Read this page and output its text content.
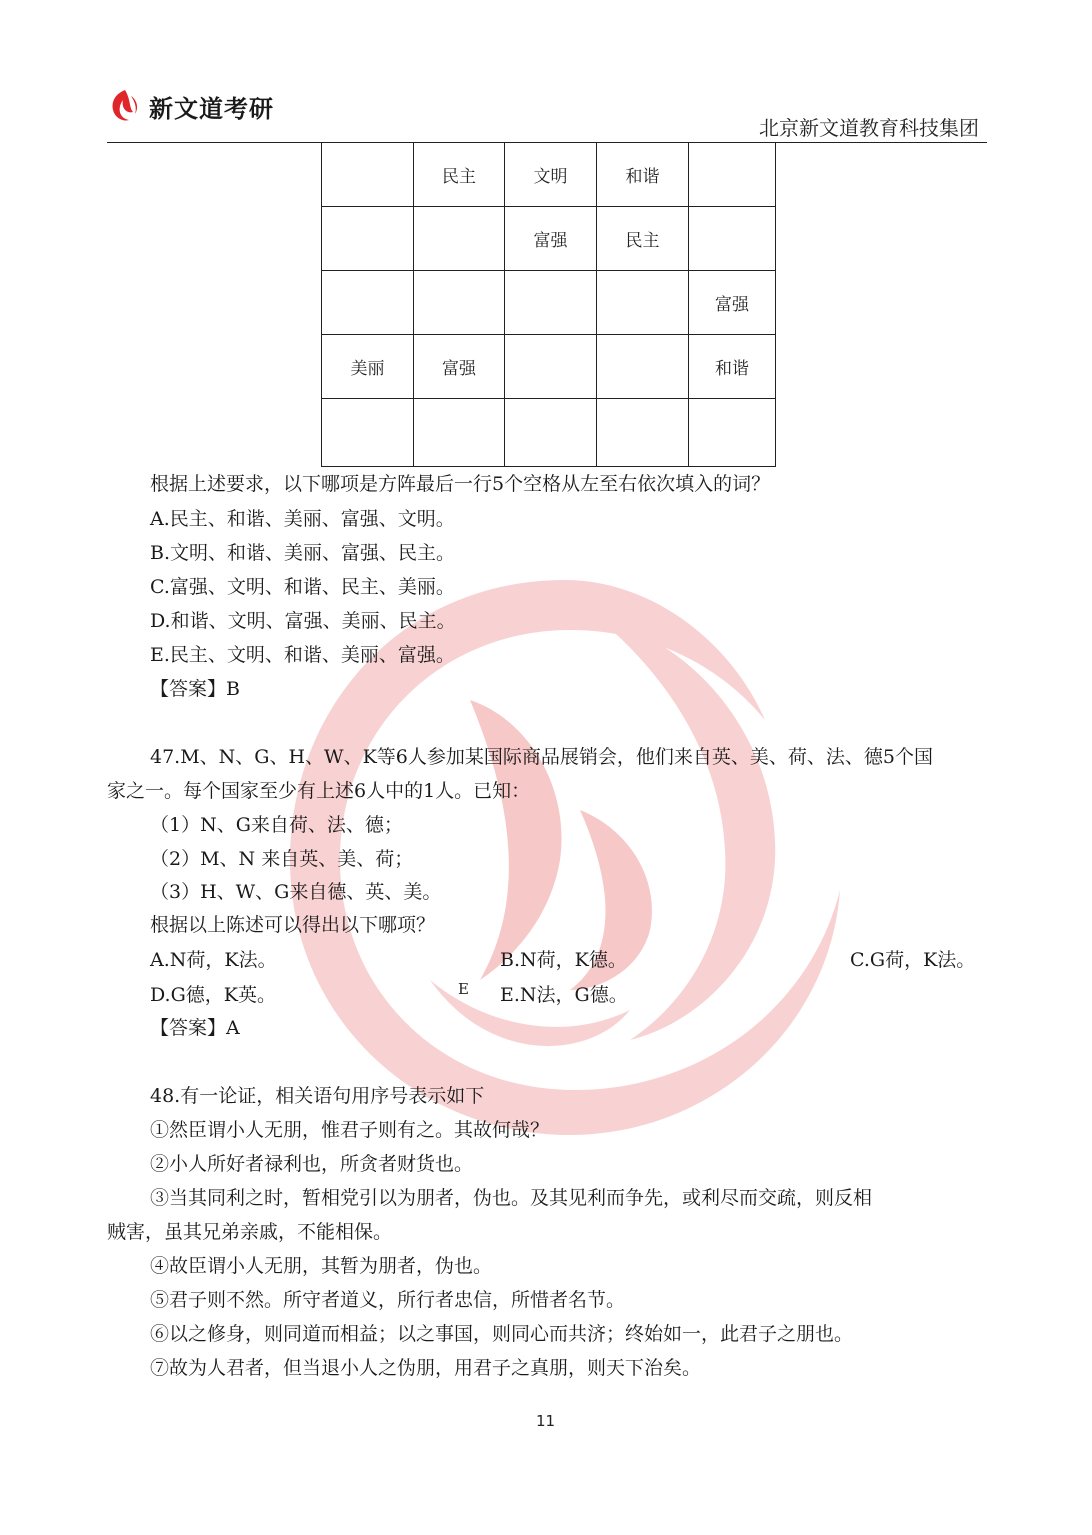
新文道考研
北京新文道教育科技集团
	民主	文明	和谐	
		富强	民主	
				富强
美丽	富强			和谐

根据上述要求，以下哪项是方阵最后一行5个空格从左至右依次填入的词？
A.民主、和谐、美丽、富强、文明。
B.文明、和谐、美丽、富强、民主。
C.富强、文明、和谐、民主、美丽。
D.和谐、文明、富强、美丽、民主。
E.民主、文明、和谐、美丽、富强。
【答案】B
47.M、N、G、H、W、K等6人参加某国际商品展销会，他们来自英、美、荷、法、德5个国
家之一。每个国家至少有上述6人中的1人。已知：
（1）N、G来自荷、法、德；
（2）M、N 来自英、美、荷；
（3）H、W、G来自德、英、美。
根据以上陈述可以得出以下哪项？
A.N荷，K法。	B.N荷，K德。	C.G荷，K法。
D.G德，K英。	E E.N法，G德。
【答案】A
48.有一论证，相关语句用序号表示如下
①然臣谓小人无朋，惟君子则有之。其故何哉？
②小人所好者禄利也，所贪者财货也。
③当其同利之时，暂相党引以为朋者，伪也。及其见利而争先，或利尽而交疏，则反相
贼害，虽其兄弟亲戚，不能相保。
④故臣谓小人无朋，其暂为朋者，伪也。
⑤君子则不然。所守者道义，所行者忠信，所惜者名节。
⑥以之修身，则同道而相益；以之事国，则同心而共济；终始如一，此君子之朋也。
⑦故为人君者，但当退小人之伪朋，用君子之真朋，则天下治矣。
11
